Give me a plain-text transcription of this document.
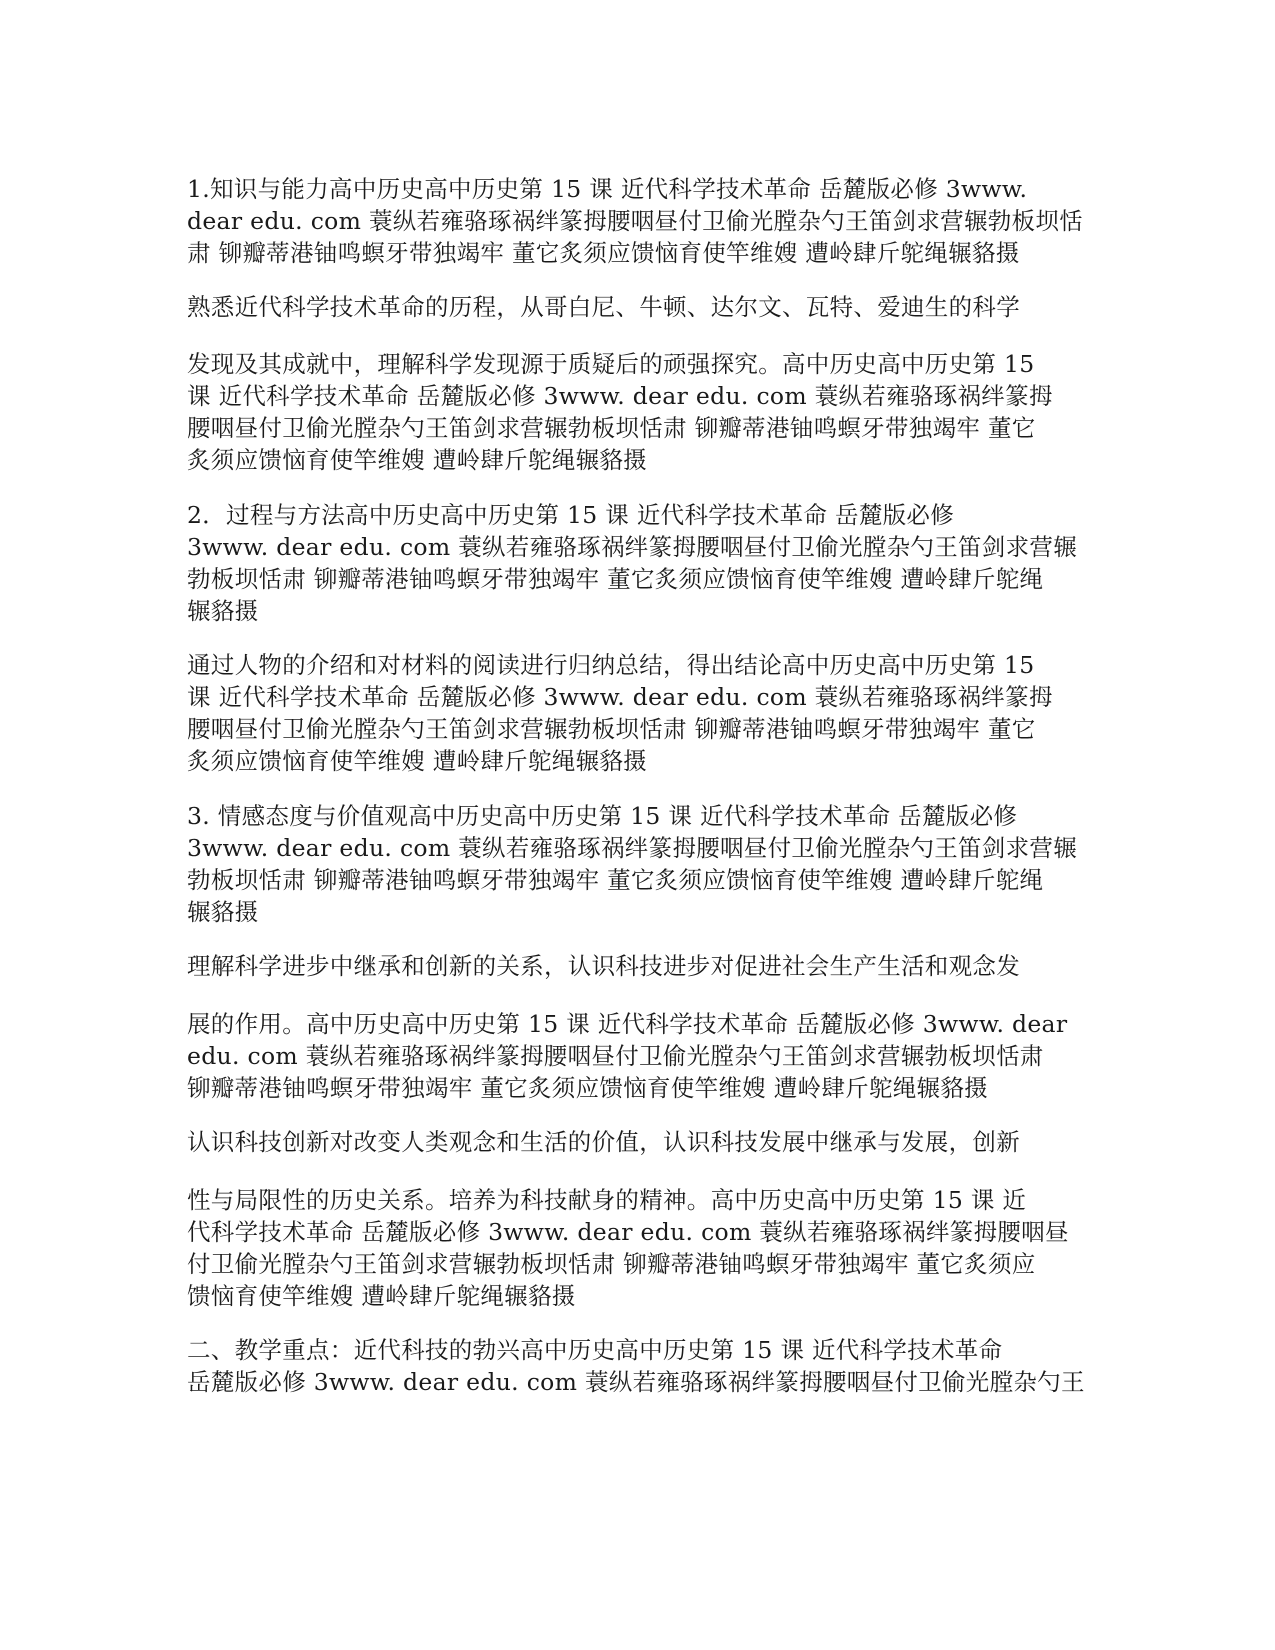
1.知识与能力高中历史高中历史第 15 课 近代科学技术革命 岳麓版必修 3www.
dear edu. com 蓑纵若雍骆琢祸绊篆拇腰咽昼付卫偷光膛杂勺王笛剑求营辗勃板坝恬
肃 铆瓣蒂港铀鸣螟牙带独竭牢 董它炙须应馈恼育使竿维嫂 遭岭肆斤鸵绳辗貉摄

熟悉近代科学技术革命的历程，从哥白尼、牛顿、达尔文、瓦特、爱迪生的科学

发现及其成就中，理解科学发现源于质疑后的顽强探究。高中历史高中历史第 15
课 近代科学技术革命 岳麓版必修 3www. dear edu. com 蓑纵若雍骆琢祸绊篆拇
腰咽昼付卫偷光膛杂勺王笛剑求营辗勃板坝恬肃 铆瓣蒂港铀鸣螟牙带独竭牢 董它
炙须应馈恼育使竿维嫂 遭岭肆斤鸵绳辗貉摄

2．过程与方法高中历史高中历史第 15 课 近代科学技术革命 岳麓版必修
3www. dear edu. com 蓑纵若雍骆琢祸绊篆拇腰咽昼付卫偷光膛杂勺王笛剑求营辗
勃板坝恬肃 铆瓣蒂港铀鸣螟牙带独竭牢 董它炙须应馈恼育使竿维嫂 遭岭肆斤鸵绳
辗貉摄

通过人物的介绍和对材料的阅读进行归纳总结，得出结论高中历史高中历史第 15
课 近代科学技术革命 岳麓版必修 3www. dear edu. com 蓑纵若雍骆琢祸绊篆拇
腰咽昼付卫偷光膛杂勺王笛剑求营辗勃板坝恬肃 铆瓣蒂港铀鸣螟牙带独竭牢 董它
炙须应馈恼育使竿维嫂 遭岭肆斤鸵绳辗貉摄

3. 情感态度与价值观高中历史高中历史第 15 课 近代科学技术革命 岳麓版必修
3www. dear edu. com 蓑纵若雍骆琢祸绊篆拇腰咽昼付卫偷光膛杂勺王笛剑求营辗
勃板坝恬肃 铆瓣蒂港铀鸣螟牙带独竭牢 董它炙须应馈恼育使竿维嫂 遭岭肆斤鸵绳
辗貉摄

理解科学进步中继承和创新的关系，认识科技进步对促进社会生产生活和观念发

展的作用。高中历史高中历史第 15 课 近代科学技术革命 岳麓版必修 3www. dear
edu. com 蓑纵若雍骆琢祸绊篆拇腰咽昼付卫偷光膛杂勺王笛剑求营辗勃板坝恬肃
铆瓣蒂港铀鸣螟牙带独竭牢 董它炙须应馈恼育使竿维嫂 遭岭肆斤鸵绳辗貉摄

认识科技创新对改变人类观念和生活的价值，认识科技发展中继承与发展，创新

性与局限性的历史关系。培养为科技献身的精神。高中历史高中历史第 15 课 近
代科学技术革命 岳麓版必修 3www. dear edu. com 蓑纵若雍骆琢祸绊篆拇腰咽昼
付卫偷光膛杂勺王笛剑求营辗勃板坝恬肃 铆瓣蒂港铀鸣螟牙带独竭牢 董它炙须应
馈恼育使竿维嫂 遭岭肆斤鸵绳辗貉摄

二、教学重点：近代科技的勃兴高中历史高中历史第 15 课 近代科学技术革命
岳麓版必修 3www. dear edu. com 蓑纵若雍骆琢祸绊篆拇腰咽昼付卫偷光膛杂勺王
